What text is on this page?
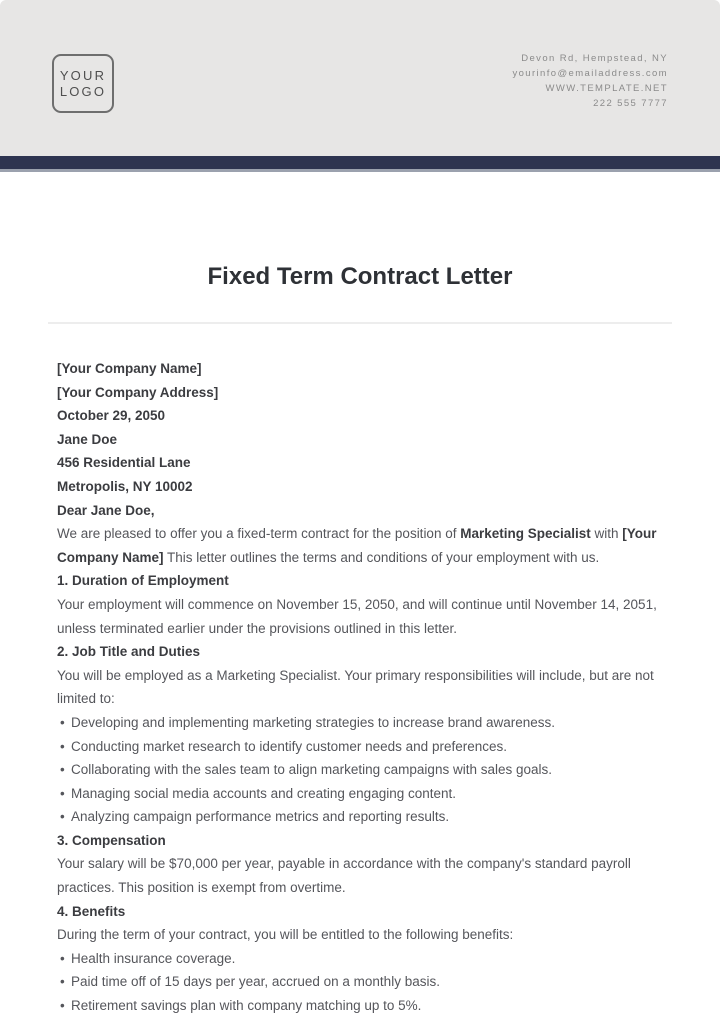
YOUR
LOGO
Devon Rd, Hempstead, NY
yourinfo@emailaddress.com
WWW.TEMPLATE.NET
222 555 7777
Fixed Term Contract Letter

[Your Company Name]

[Your Company Address]

October 29, 2050

Jane Doe

456 Residential Lane

Metropolis, NY 10002

Dear Jane Doe,

We are pleased to offer you a fixed-term contract for the position of Marketing Specialist with [Your Company Name] This letter outlines the terms and conditions of your employment with us.

1. Duration of Employment

Your employment will commence on November 15, 2050, and will continue until November 14, 2051, unless terminated earlier under the provisions outlined in this letter.

2. Job Title and Duties

You will be employed as a Marketing Specialist. Your primary responsibilities will include, but are not limited to:

• Developing and implementing marketing strategies to increase brand awareness.
• Conducting market research to identify customer needs and preferences.
• Collaborating with the sales team to align marketing campaigns with sales goals.
• Managing social media accounts and creating engaging content.
• Analyzing campaign performance metrics and reporting results.

3. Compensation

Your salary will be $70,000 per year, payable in accordance with the company's standard payroll practices. This position is exempt from overtime.

4. Benefits

During the term of your contract, you will be entitled to the following benefits:

• Health insurance coverage.
• Paid time off of 15 days per year, accrued on a monthly basis.
• Retirement savings plan with company matching up to 5%.
